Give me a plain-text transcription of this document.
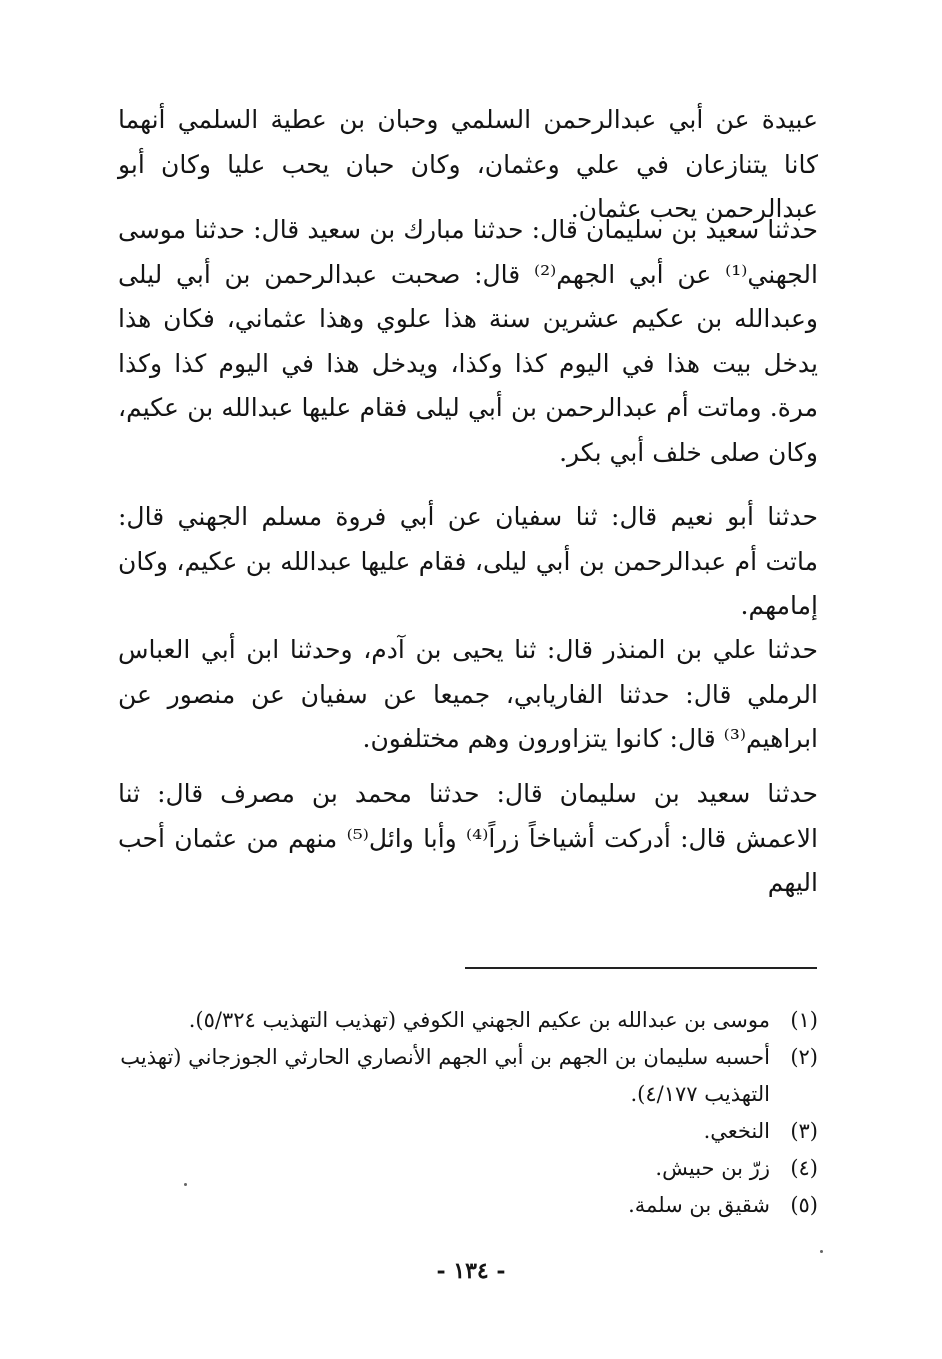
عبيدة عن أبي عبدالرحمن السلمي وحبان بن عطية السلمي أنهما كانا يتنازعان في علي وعثمان، وكان حبان يحب عليا وكان أبو عبدالرحمن يحب عثمان.

حدثنا سعيد بن سليمان قال: حدثنا مبارك بن سعيد قال: حدثنا موسى الجهني⁽¹⁾ عن أبي الجهم⁽²⁾ قال: صحبت عبدالرحمن بن أبي ليلى وعبدالله بن عكيم عشرين سنة هذا علوي وهذا عثماني، فكان هذا يدخل بيت هذا في اليوم كذا وكذا، ويدخل هذا في اليوم كذا وكذا مرة. وماتت أم عبدالرحمن بن أبي ليلى فقام عليها عبدالله بن عكيم، وكان صلى خلف أبي بكر.

حدثنا أبو نعيم قال: ثنا سفيان عن أبي فروة مسلم الجهني قال: ماتت أم عبدالرحمن بن أبي ليلى، فقام عليها عبدالله بن عكيم، وكان إمامهم.

حدثنا علي بن المنذر قال: ثنا يحيى بن آدم، وحدثنا ابن أبي العباس الرملي قال: حدثنا الفاريابي، جميعا عن سفيان عن منصور عن ابراهيم⁽³⁾ قال: كانوا يتزاورون وهم مختلفون.

حدثنا سعيد بن سليمان قال: حدثنا محمد بن مصرف قال: ثنا الاعمش قال: أدركت أشياخاً زراً⁽⁴⁾ وأبا وائل⁽⁵⁾ منهم من عثمان أحب اليهم

(١)
موسى بن عبدالله بن عكيم الجهني الكوفي (تهذيب التهذيب ٥/٣٢٤).
(٢)
أحسبه سليمان بن الجهم بن أبي الجهم الأنصاري الحارثي الجوزجاني (تهذيب التهذيب ٤/١٧٧).
(٣)
النخعي.
(٤)
زرّ بن حبيش.
(٥)
شقيق بن سلمة.
- ١٣٤ -
